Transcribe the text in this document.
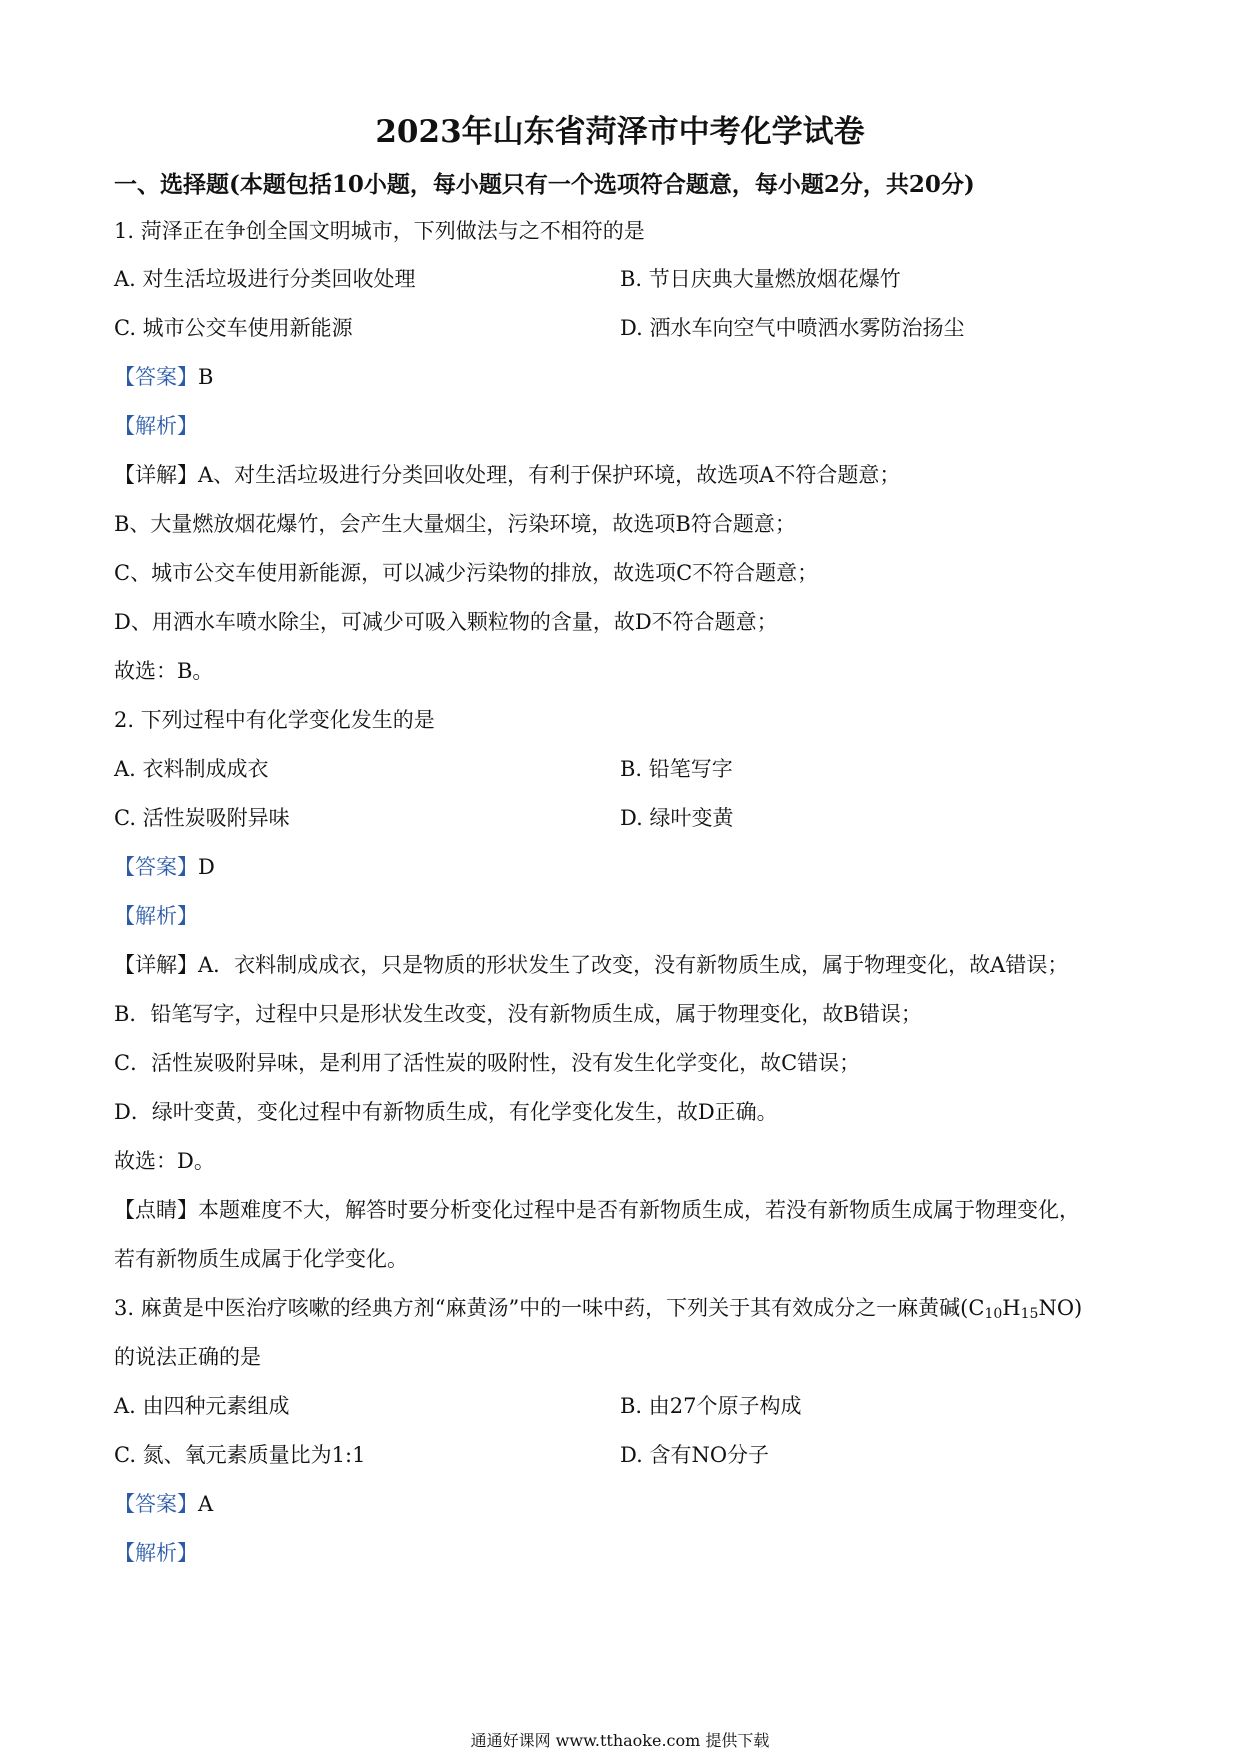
2023年山东省菏泽市中考化学试卷
一、选择题(本题包括10小题，每小题只有一个选项符合题意，每小题2分，共20分)
1. 菏泽正在争创全国文明城市，下列做法与之不相符的是
A. 对生活垃圾进行分类回收处理	B. 节日庆典大量燃放烟花爆竹
C. 城市公交车使用新能源	D. 洒水车向空气中喷洒水雾防治扬尘
【答案】B
【解析】
【详解】A、对生活垃圾进行分类回收处理，有利于保护环境，故选项A不符合题意；
B、大量燃放烟花爆竹，会产生大量烟尘，污染环境，故选项B符合题意；
C、城市公交车使用新能源，可以减少污染物的排放，故选项C不符合题意；
D、用洒水车喷水除尘，可减少可吸入颗粒物的含量，故D不符合题意；
故选：B。
2. 下列过程中有化学变化发生的是
A. 衣料制成成衣	B. 铅笔写字
C. 活性炭吸附异味	D. 绿叶变黄
【答案】D
【解析】
【详解】A．衣料制成成衣，只是物质的形状发生了改变，没有新物质生成，属于物理变化，故A错误；
B．铅笔写字，过程中只是形状发生改变，没有新物质生成，属于物理变化，故B错误；
C．活性炭吸附异味，是利用了活性炭的吸附性，没有发生化学变化，故C错误；
D．绿叶变黄，变化过程中有新物质生成，有化学变化发生，故D正确。
故选：D。
【点睛】本题难度不大，解答时要分析变化过程中是否有新物质生成，若没有新物质生成属于物理变化，
若有新物质生成属于化学变化。
3. 麻黄是中医治疗咳嗽的经典方剂“麻黄汤”中的一味中药，下列关于其有效成分之一麻黄碱$(C_{10}H_{15}NO)$
的说法正确的是
A. 由四种元素组成	B. 由27个原子构成
C. 氮、氧元素质量比为1:1	D. 含有NO分子
【答案】A
【解析】
通通好课网 www.tthaoke.com 提供下载
